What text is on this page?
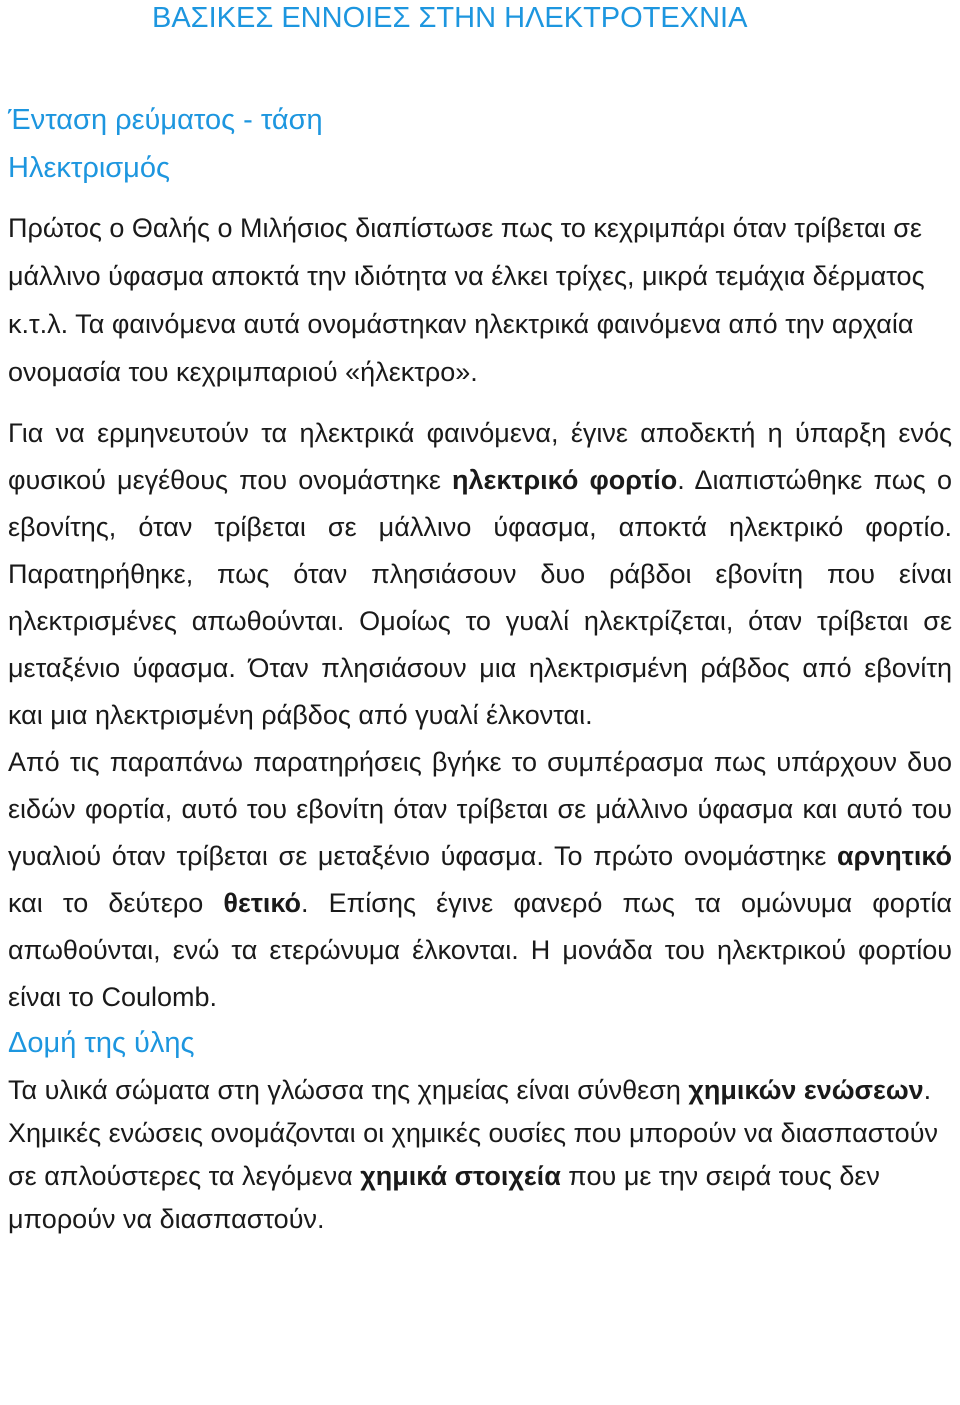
ΒΑΣΙΚΕΣ ΕΝΝΟΙΕΣ ΣΤΗΝ ΗΛΕΚΤΡΟΤΕΧΝΙΑ
Ένταση ρεύματος - τάση
Ηλεκτρισμός

Πρώτος ο Θαλής ο Μιλήσιος διαπίστωσε πως το κεχριμπάρι όταν τρίβεται σε μάλλινο ύφασμα αποκτά την ιδιότητα να έλκει τρίχες, μικρά τεμάχια δέρματος κ.τ.λ. Τα φαινόμενα αυτά ονομάστηκαν ηλεκτρικά φαινόμενα από την αρχαία ονομασία του κεχριμπαριού «ήλεκτρο».

Για να ερμηνευτούν τα ηλεκτρικά φαινόμενα, έγινε αποδεκτή η ύπαρξη ενός φυσικού μεγέθους που ονομάστηκε ηλεκτρικό φορτίο. Διαπιστώθηκε πως ο εβονίτης, όταν τρίβεται σε μάλλινο ύφασμα, αποκτά ηλεκτρικό φορτίο. Παρατηρήθηκε, πως όταν πλησιάσουν δυο ράβδοι εβονίτη που είναι ηλεκτρισμένες απωθούνται. Ομοίως το γυαλί ηλεκτρίζεται, όταν τρίβεται σε μεταξένιο ύφασμα. Όταν πλησιάσουν μια ηλεκτρισμένη ράβδος από εβονίτη και μια ηλεκτρισμένη ράβδος από γυαλί έλκονται.

Από τις παραπάνω παρατηρήσεις βγήκε το συμπέρασμα πως υπάρχουν δυο ειδών φορτία, αυτό του εβονίτη όταν τρίβεται σε μάλλινο ύφασμα και αυτό του γυαλιού όταν τρίβεται σε μεταξένιο ύφασμα. Το πρώτο ονομάστηκε αρνητικό και το δεύτερο θετικό. Επίσης έγινε φανερό πως τα ομώνυμα φορτία απωθούνται, ενώ τα ετερώνυμα έλκονται. Η μονάδα του ηλεκτρικού φορτίου είναι το Coulomb.

Δομή της ύλης

Τα υλικά σώματα στη γλώσσα της χημείας είναι σύνθεση χημικών ενώσεων.

Χημικές ενώσεις ονομάζονται οι χημικές ουσίες που μπορούν να διασπαστούν σε απλούστερες τα λεγόμενα χημικά στοιχεία που με την σειρά τους δεν μπορούν να διασπαστούν.
